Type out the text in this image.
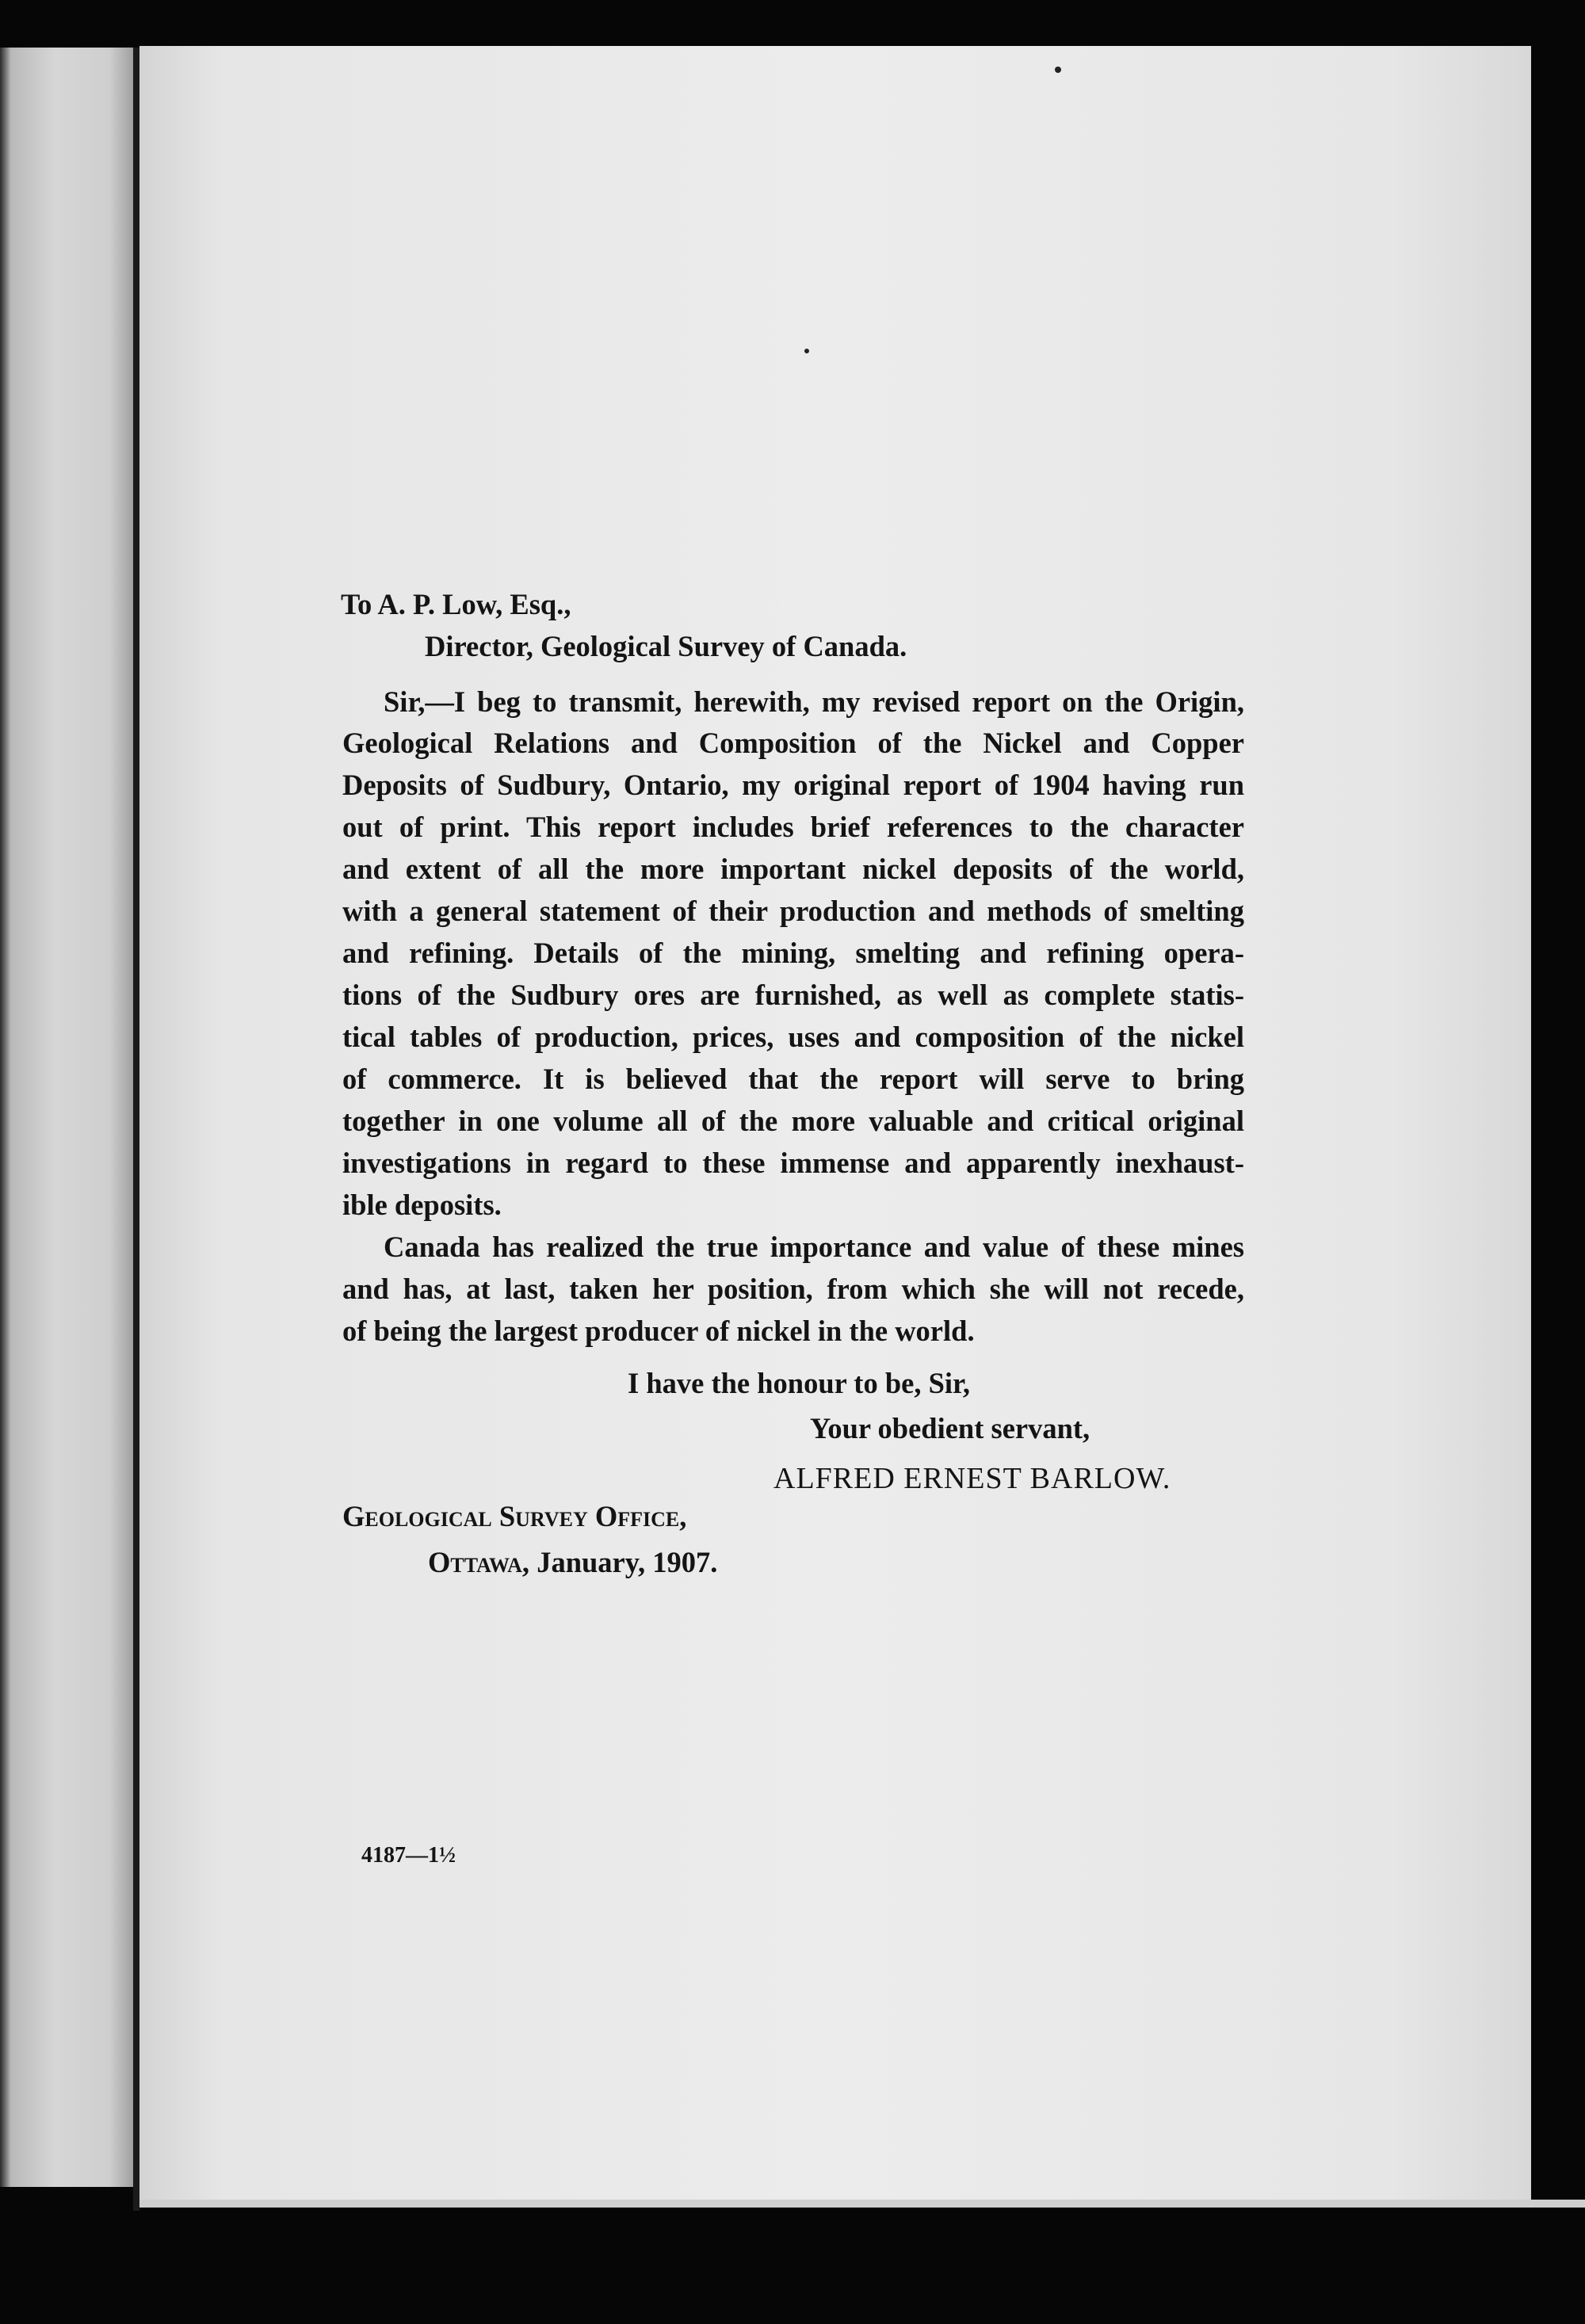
To A. P. Low, Esq.,
Director, Geological Survey of Canada.
Sir,—I beg to transmit, herewith, my revised report on the Origin,
Geological Relations and Composition of the Nickel and Copper
Deposits of Sudbury, Ontario, my original report of 1904 having run
out of print. This report includes brief references to the character
and extent of all the more important nickel deposits of the world,
with a general statement of their production and methods of smelting
and refining. Details of the mining, smelting and refining opera-
tions of the Sudbury ores are furnished, as well as complete statis-
tical tables of production, prices, uses and composition of the nickel
of commerce. It is believed that the report will serve to bring
together in one volume all of the more valuable and critical original
investigations in regard to these immense and apparently inexhaust-
ible deposits.
Canada has realized the true importance and value of these mines
and has, at last, taken her position, from which she will not recede,
of being the largest producer of nickel in the world.
I have the honour to be, Sir,
Your obedient servant,
ALFRED ERNEST BARLOW.
Geological Survey Office,
Ottawa, January, 1907.
4187—1½
